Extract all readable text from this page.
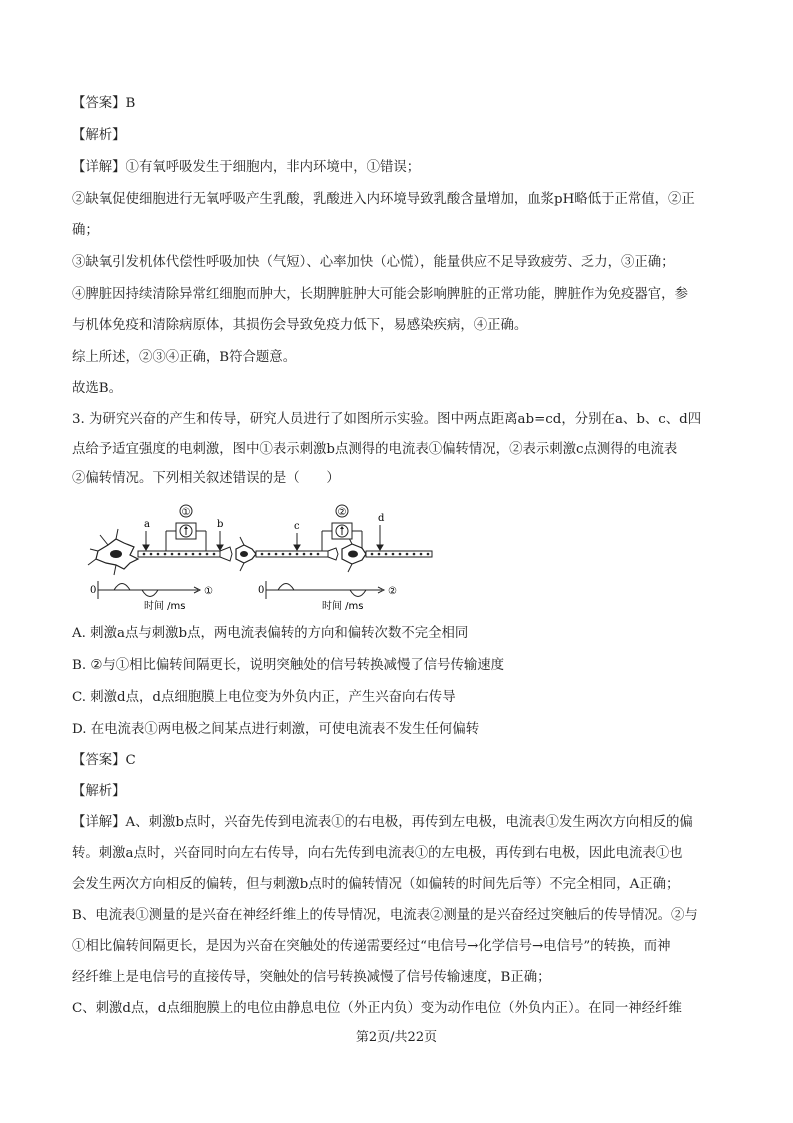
【答案】B
【解析】
【详解】①有氧呼吸发生于细胞内，非内环境中，①错误；
②缺氧促使细胞进行无氧呼吸产生乳酸，乳酸进入内环境导致乳酸含量增加，血浆pH略低于正常值，②正
确；
③缺氧引发机体代偿性呼吸加快（气短）、心率加快（心慌），能量供应不足导致疲劳、乏力，③正确；
④脾脏因持续清除异常红细胞而肿大，长期脾脏肿大可能会影响脾脏的正常功能，脾脏作为免疫器官，参
与机体免疫和清除病原体，其损伤会导致免疫力低下，易感染疾病，④正确。
综上所述，②③④正确，B符合题意。
故选B。
3. 为研究兴奋的产生和传导，研究人员进行了如图所示实验。图中两点距离ab=cd，分别在a、b、c、d四
点给予适宜强度的电刺激，图中①表示刺激b点测得的电流表①偏转情况，②表示刺激c点测得的电流表
②偏转情况。下列相关叙述错误的是（　　）
①	②
a	b	c
d
0	①
时间 /ms
0	②
时间 /ms
A. 刺激a点与刺激b点，两电流表偏转的方向和偏转次数不完全相同
B. ②与①相比偏转间隔更长，说明突触处的信号转换减慢了信号传输速度
C. 刺激d点，d点细胞膜上电位变为外负内正，产生兴奋向右传导
D. 在电流表①两电极之间某点进行刺激，可使电流表不发生任何偏转
【答案】C
【解析】
【详解】A、刺激b点时，兴奋先传到电流表①的右电极，再传到左电极，电流表①发生两次方向相反的偏
转。刺激a点时，兴奋同时向左右传导，向右先传到电流表①的左电极，再传到右电极，因此电流表①也
会发生两次方向相反的偏转，但与刺激b点时的偏转情况（如偏转的时间先后等）不完全相同，A正确；
B、电流表①测量的是兴奋在神经纤维上的传导情况，电流表②测量的是兴奋经过突触后的传导情况。②与
①相比偏转间隔更长，是因为兴奋在突触处的传递需要经过“电信号→化学信号→电信号”的转换，而神
经纤维上是电信号的直接传导，突触处的信号转换减慢了信号传输速度，B正确；
C、刺激d点，d点细胞膜上的电位由静息电位（外正内负）变为动作电位（外负内正）。在同一神经纤维
第2页/共22页
